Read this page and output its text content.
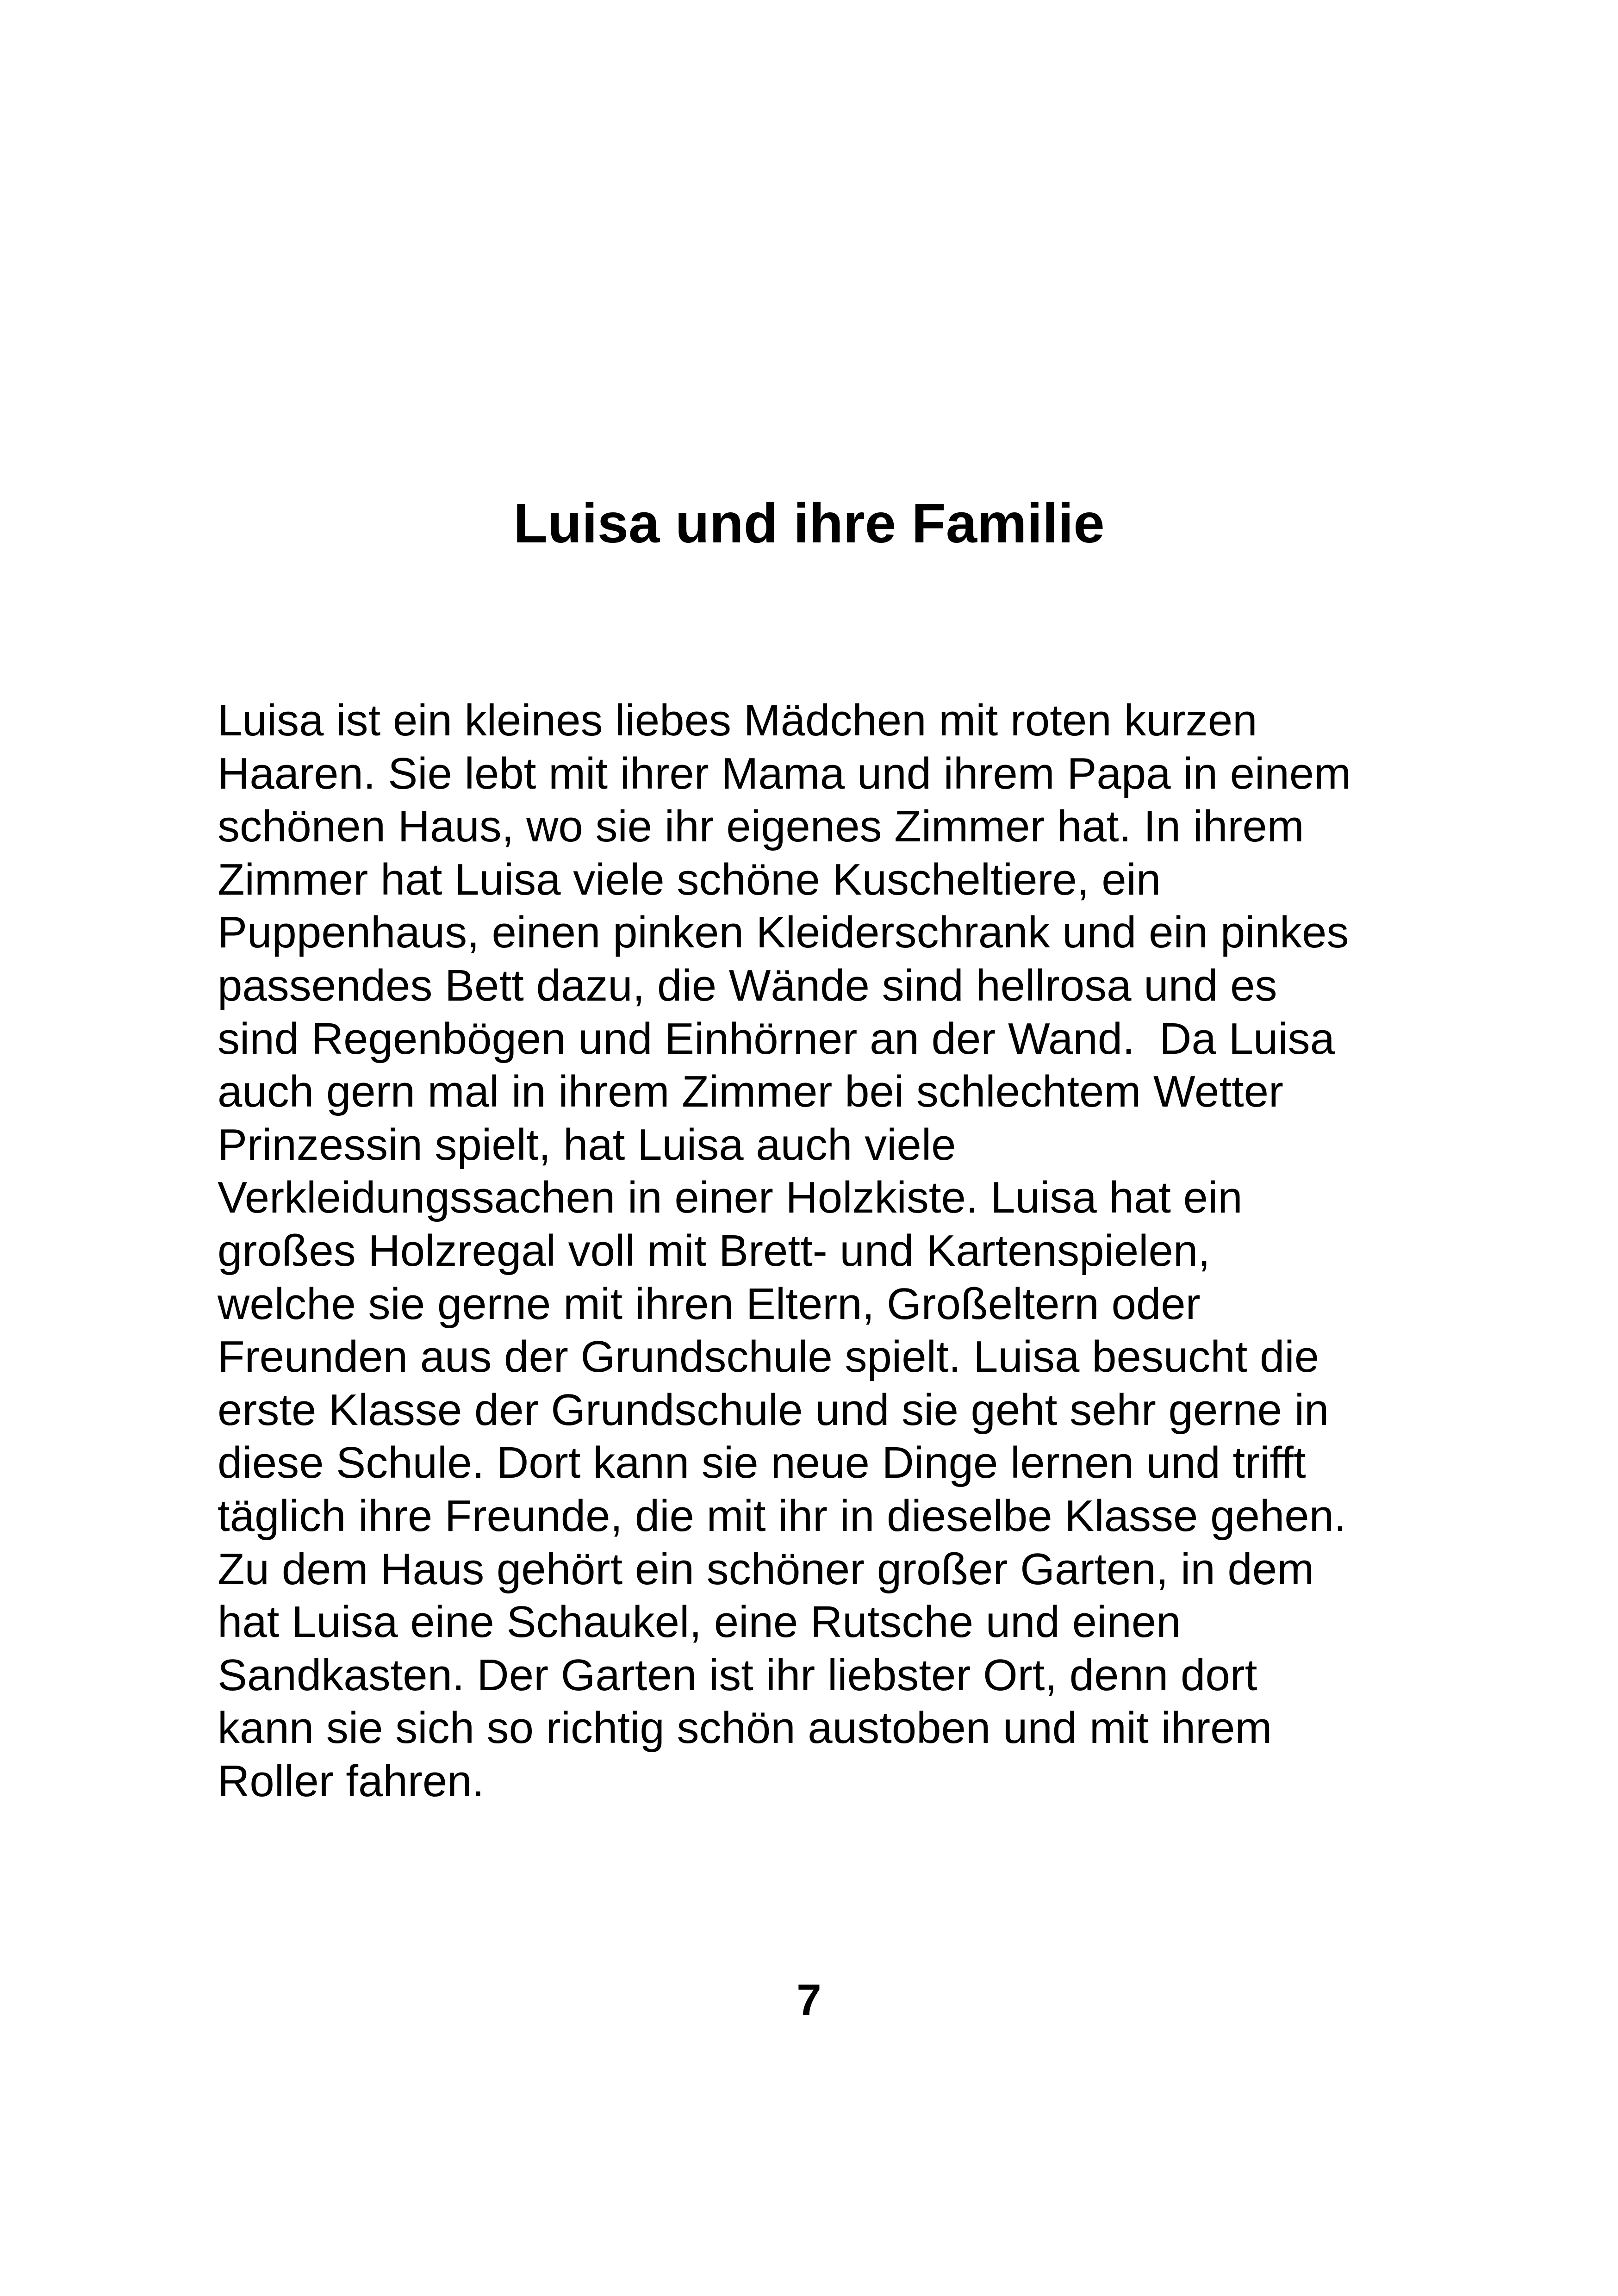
Luisa und ihre Familie
Luisa ist ein kleines liebes Mädchen mit roten kurzen
Haaren. Sie lebt mit ihrer Mama und ihrem Papa in einem
schönen Haus, wo sie ihr eigenes Zimmer hat. In ihrem
Zimmer hat Luisa viele schöne Kuscheltiere, ein
Puppenhaus, einen pinken Kleiderschrank und ein pinkes
passendes Bett dazu, die Wände sind hellrosa und es
sind Regenbögen und Einhörner an der Wand.  Da Luisa
auch gern mal in ihrem Zimmer bei schlechtem Wetter
Prinzessin spielt, hat Luisa auch viele
Verkleidungssachen in einer Holzkiste. Luisa hat ein
großes Holzregal voll mit Brett- und Kartenspielen,
welche sie gerne mit ihren Eltern, Großeltern oder
Freunden aus der Grundschule spielt. Luisa besucht die
erste Klasse der Grundschule und sie geht sehr gerne in
diese Schule. Dort kann sie neue Dinge lernen und trifft
täglich ihre Freunde, die mit ihr in dieselbe Klasse gehen.
Zu dem Haus gehört ein schöner großer Garten, in dem
hat Luisa eine Schaukel, eine Rutsche und einen
Sandkasten. Der Garten ist ihr liebster Ort, denn dort
kann sie sich so richtig schön austoben und mit ihrem
Roller fahren.
7
